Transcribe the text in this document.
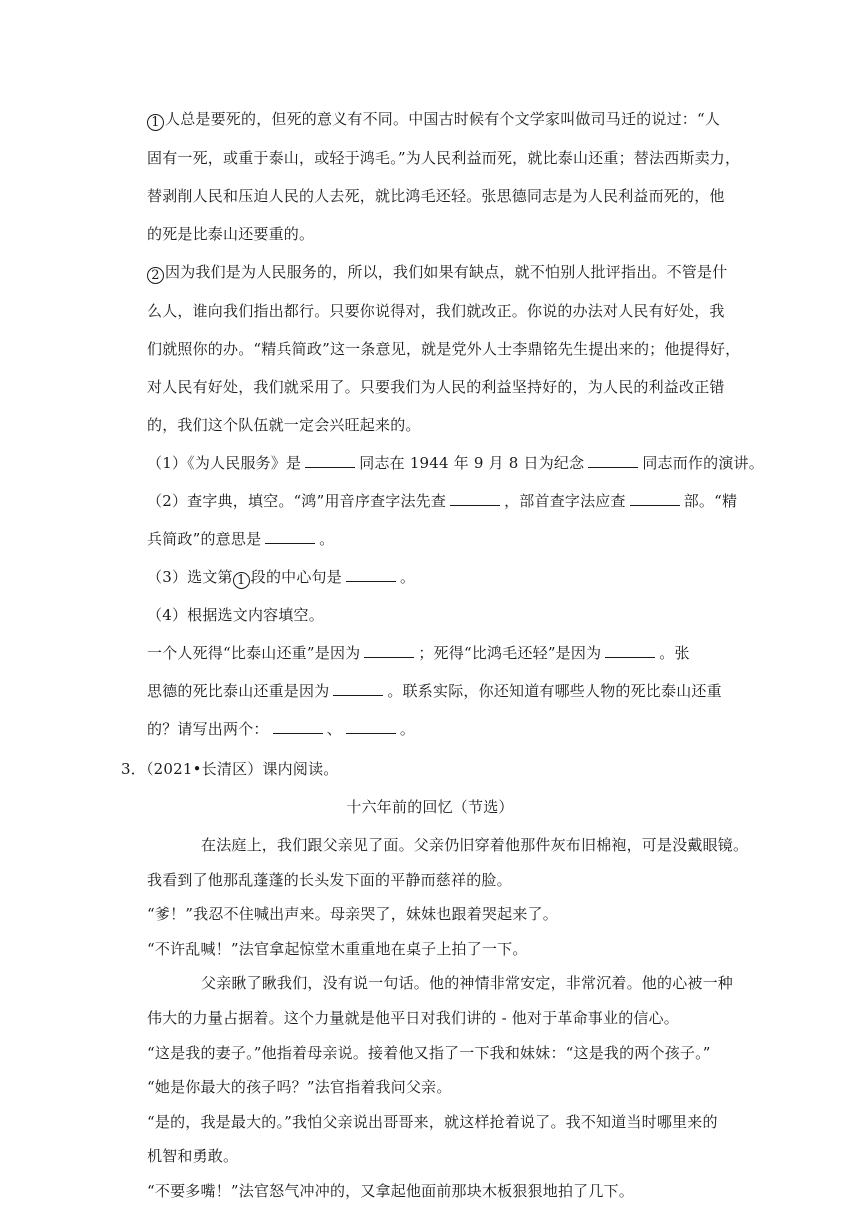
1 人总是要死的，但死的意义有不同。中国古时候有个文学家叫做司马迁的说过：“人
固有一死，或重于泰山，或轻于鸿毛。”为人民利益而死，就比泰山还重；替法西斯卖力，
替剥削人民和压迫人民的人去死，就比鸿毛还轻。张思德同志是为人民利益而死的，他
的死是比泰山还要重的。
2 因为我们是为人民服务的，所以，我们如果有缺点，就不怕别人批评指出。不管是什
么人，谁向我们指出都行。只要你说得对，我们就改正。你说的办法对人民有好处，我
们就照你的办。“精兵简政”这一条意见，就是党外人士李鼎铭先生提出来的；他提得好，
对人民有好处，我们就采用了。只要我们为人民的利益坚持好的，为人民的利益改正错
的，我们这个队伍就一定会兴旺起来的。
（1）《为人民服务》是	同志在 1944 年 9 月 8 日为纪念	同志而作的演讲。
（2）查字典，填空。“鸿”用音序查字法先查	，部首查字法应查	部。“精
兵简政”的意思是	。
（3）选文第 1 段的中心句是	。
（4）根据选文内容填空。
一个人死得“比泰山还重”是因为	；死得“比鸿毛还轻”是因为	。张
思德的死比泰山还重是因为	。联系实际，你还知道有哪些人物的死比泰山还重
的？请写出两个：	、	。
3．（2021•长清区）课内阅读。
十六年前的回忆（节选）
在法庭上，我们跟父亲见了面。父亲仍旧穿着他那件灰布旧棉袍，可是没戴眼镜。
我看到了他那乱蓬蓬的长头发下面的平静而慈祥的脸。
“爹！”我忍不住喊出声来。母亲哭了，妹妹也跟着哭起来了。
“不许乱喊！”法官拿起惊堂木重重地在桌子上拍了一下。
父亲瞅了瞅我们，没有说一句话。他的神情非常安定，非常沉着。他的心被一种
伟大的力量占据着。这个力量就是他平日对我们讲的 - 他对于革命事业的信心。
“这是我的妻子。”他指着母亲说。接着他又指了一下我和妹妹：“这是我的两个孩子。”
“她是你最大的孩子吗？”法官指着我问父亲。
“是的，我是最大的。”我怕父亲说出哥哥来，就这样抢着说了。我不知道当时哪里来的
机智和勇敢。
“不要多嘴！”法官怒气冲冲的，又拿起他面前那块木板狠狠地拍了几下。
